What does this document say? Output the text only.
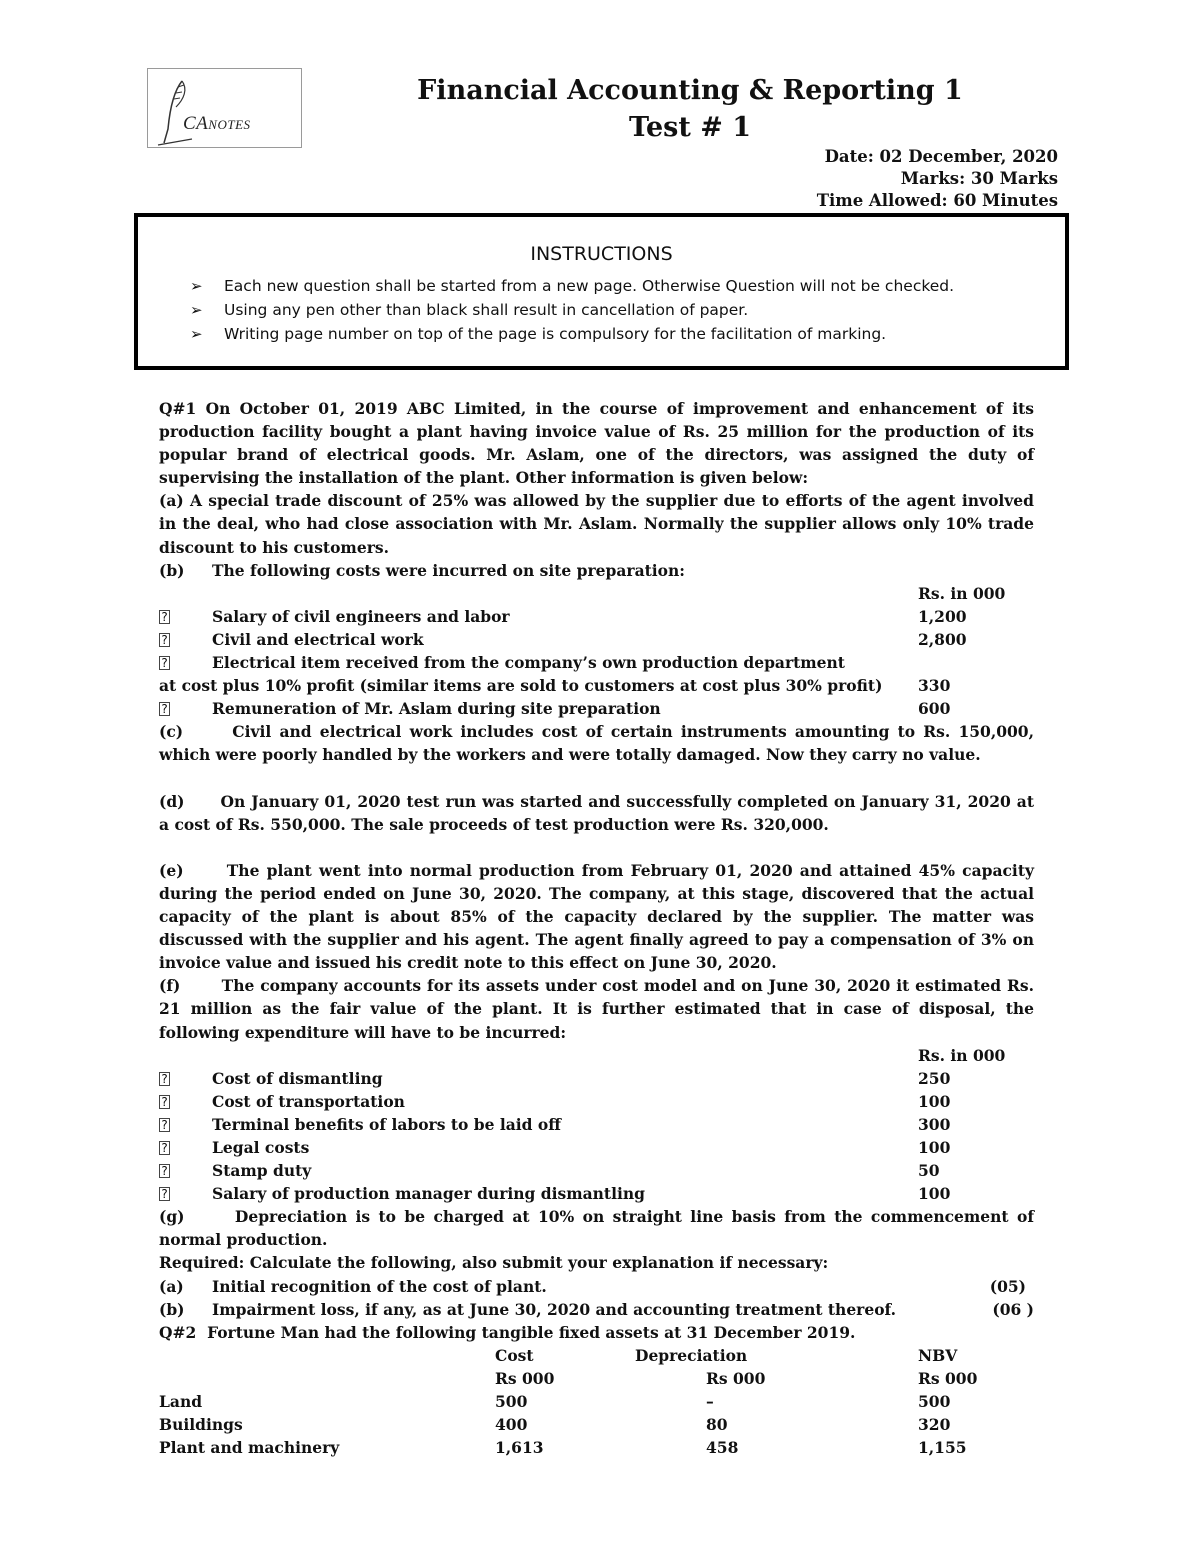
CANOTES
Financial Accounting & Reporting 1
Test # 1
Date: 02 December, 2020
Marks: 30 Marks
Time Allowed: 60 Minutes
INSTRUCTIONS
➢ Each new question shall be started from a new page. Otherwise Question will not be checked.
➢ Using any pen other than black shall result in cancellation of paper.
➢ Writing page number on top of the page is compulsory for the facilitation of marking.

Q#1 On October 01, 2019 ABC Limited, in the course of improvement and enhancement of its production facility bought a plant having invoice value of Rs. 25 million for the production of its popular brand of electrical goods. Mr. Aslam, one of the directors, was assigned the duty of supervising the installation of the plant. Other information is given below:

(a) A special trade discount of 25% was allowed by the supplier due to efforts of the agent involved in the deal, who had close association with Mr. Aslam. Normally the supplier allows only 10% trade discount to his customers.

(b) The following costs were incurred on site preparation:
Rs. in 000
?	Salary of civil engineers and labor	1,200
?	Civil and electrical work	2,800
?	Electrical item received from the company’s own production department
at cost plus 10% profit (similar items are sold to customers at cost plus 30% profit) 330
?	Remuneration of Mr. Aslam during site preparation	600

(c)      Civil and electrical work includes cost of certain instruments amounting to Rs. 150,000, which were poorly handled by the workers and were totally damaged. Now they carry no value.

(d)      On January 01, 2020 test run was started and successfully completed on January 31, 2020 at a cost of Rs. 550,000. The sale proceeds of test production were Rs. 320,000.

(e)      The plant went into normal production from February 01, 2020 and attained 45% capacity during the period ended on June 30, 2020. The company, at this stage, discovered that the actual capacity of the plant is about 85% of the capacity declared by the supplier. The matter was discussed with the supplier and his agent. The agent finally agreed to pay a compensation of 3% on invoice value and issued his credit note to this effect on June 30, 2020.

(f)       The company accounts for its assets under cost model and on June 30, 2020 it estimated Rs. 21 million as the fair value of the plant. It is further estimated that in case of disposal, the following expenditure will have to be incurred:

Rs. in 000
?	Cost of dismantling	250
?	Cost of transportation	100
?	Terminal benefits of labors to be laid off	300
?	Legal costs	100
?	Stamp duty	50
?	Salary of production manager during dismantling	100

(g)      Depreciation is to be charged at 10% on straight line basis from the commencement of normal production.

Required: Calculate the following, also submit your explanation if necessary:

(a) Initial recognition of the cost of plant.	(05)
(b) Impairment loss, if any, as at June 30, 2020 and accounting treatment thereof.	(06 )

Q#2  Fortune Man had the following tangible fixed assets at 31 December 2019.

Cost	Depreciation	NBV
Rs 000	Rs 000	Rs 000
Land	500	–	500
Buildings	400	80	320
Plant and machinery	1,613	458	1,155
